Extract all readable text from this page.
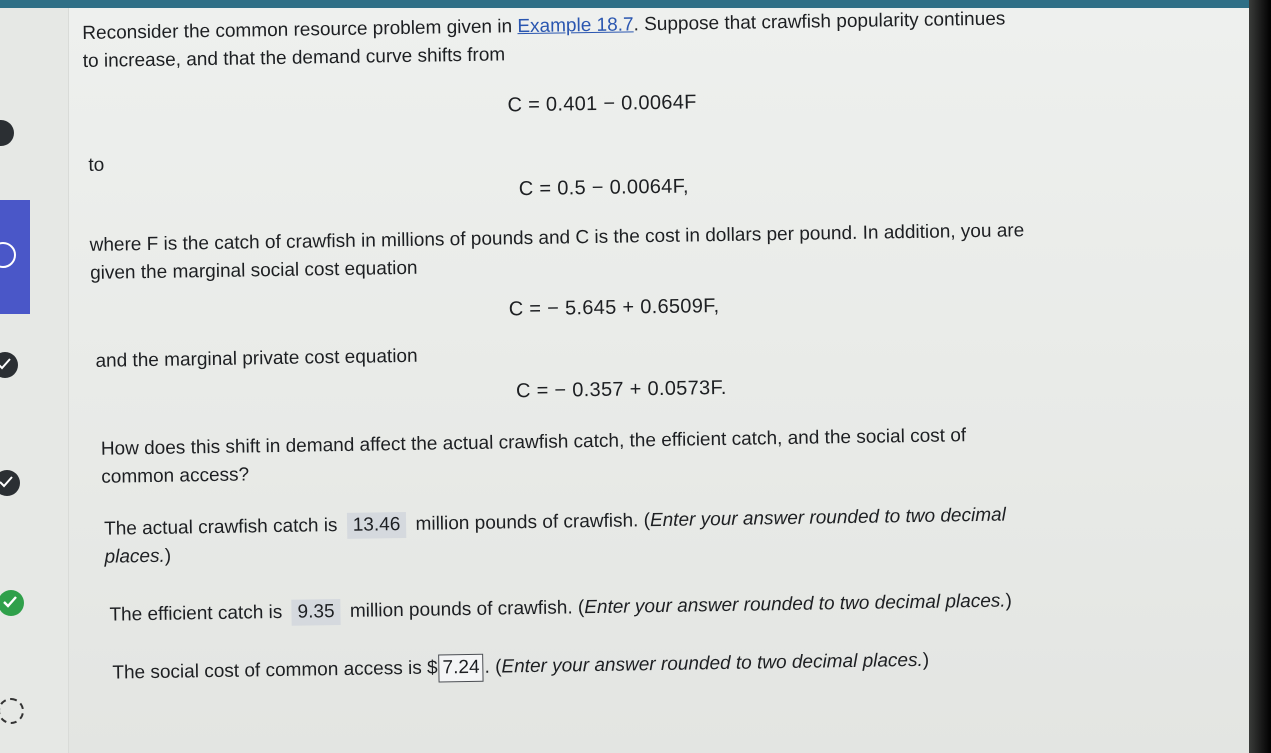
Reconsider the common resource problem given in Example 18.7. Suppose that crawfish popularity continues
to increase, and that the demand curve shifts from
C = 0.401 − 0.0064F
to
C = 0.5 − 0.0064F,
where F is the catch of crawfish in millions of pounds and C is the cost in dollars per pound. In addition, you are
given the marginal social cost equation
C = − 5.645 + 0.6509F,
and the marginal private cost equation
C = − 0.357 + 0.0573F.
How does this shift in demand affect the actual crawfish catch, the efficient catch, and the social cost of
common access?
The actual crawfish catch is 13.46 million pounds of crawfish. (Enter your answer rounded to two decimal
places.)
The efficient catch is 9.35 million pounds of crawfish. (Enter your answer rounded to two decimal places.)
The social cost of common access is $ 7.24 . (Enter your answer rounded to two decimal places.)
